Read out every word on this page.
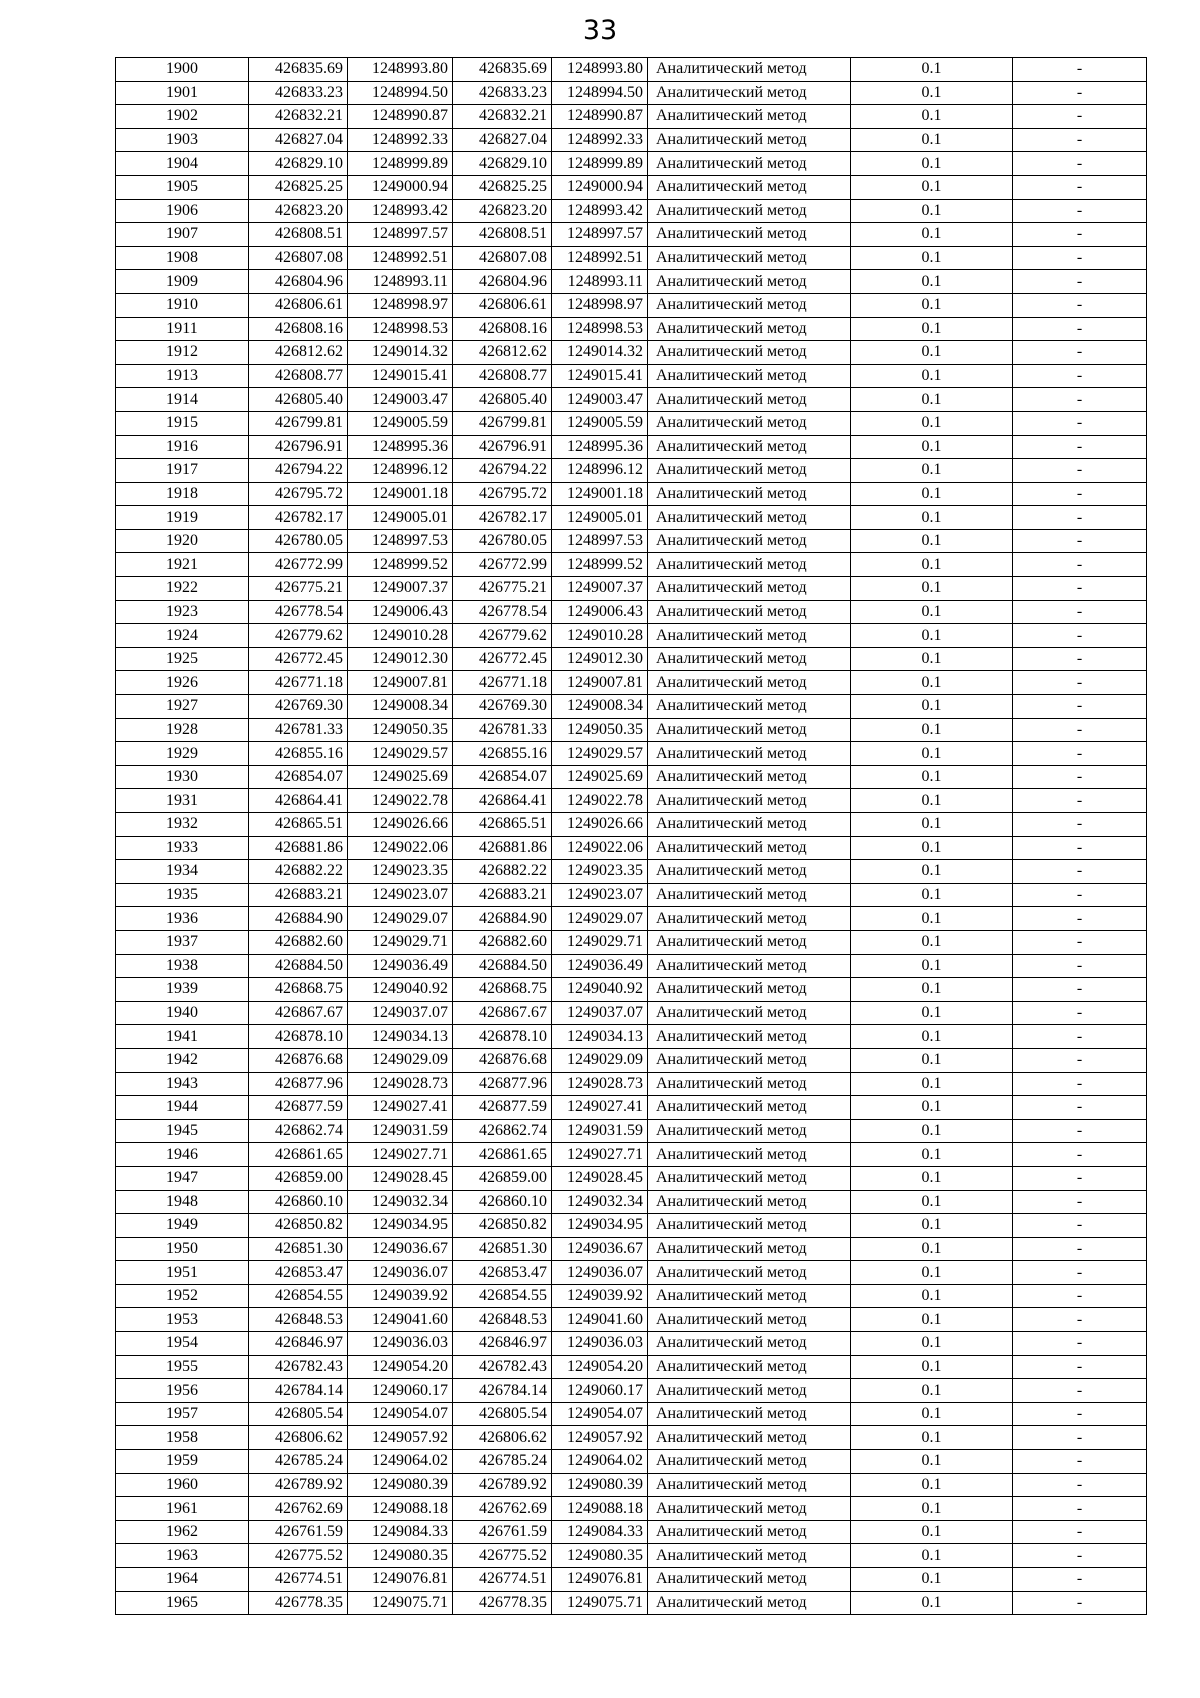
33
1900	426835.69	1248993.80	426835.69	1248993.80	Аналитический метод	0.1	-
1901	426833.23	1248994.50	426833.23	1248994.50	Аналитический метод	0.1	-
1902	426832.21	1248990.87	426832.21	1248990.87	Аналитический метод	0.1	-
1903	426827.04	1248992.33	426827.04	1248992.33	Аналитический метод	0.1	-
1904	426829.10	1248999.89	426829.10	1248999.89	Аналитический метод	0.1	-
1905	426825.25	1249000.94	426825.25	1249000.94	Аналитический метод	0.1	-
1906	426823.20	1248993.42	426823.20	1248993.42	Аналитический метод	0.1	-
1907	426808.51	1248997.57	426808.51	1248997.57	Аналитический метод	0.1	-
1908	426807.08	1248992.51	426807.08	1248992.51	Аналитический метод	0.1	-
1909	426804.96	1248993.11	426804.96	1248993.11	Аналитический метод	0.1	-
1910	426806.61	1248998.97	426806.61	1248998.97	Аналитический метод	0.1	-
1911	426808.16	1248998.53	426808.16	1248998.53	Аналитический метод	0.1	-
1912	426812.62	1249014.32	426812.62	1249014.32	Аналитический метод	0.1	-
1913	426808.77	1249015.41	426808.77	1249015.41	Аналитический метод	0.1	-
1914	426805.40	1249003.47	426805.40	1249003.47	Аналитический метод	0.1	-
1915	426799.81	1249005.59	426799.81	1249005.59	Аналитический метод	0.1	-
1916	426796.91	1248995.36	426796.91	1248995.36	Аналитический метод	0.1	-
1917	426794.22	1248996.12	426794.22	1248996.12	Аналитический метод	0.1	-
1918	426795.72	1249001.18	426795.72	1249001.18	Аналитический метод	0.1	-
1919	426782.17	1249005.01	426782.17	1249005.01	Аналитический метод	0.1	-
1920	426780.05	1248997.53	426780.05	1248997.53	Аналитический метод	0.1	-
1921	426772.99	1248999.52	426772.99	1248999.52	Аналитический метод	0.1	-
1922	426775.21	1249007.37	426775.21	1249007.37	Аналитический метод	0.1	-
1923	426778.54	1249006.43	426778.54	1249006.43	Аналитический метод	0.1	-
1924	426779.62	1249010.28	426779.62	1249010.28	Аналитический метод	0.1	-
1925	426772.45	1249012.30	426772.45	1249012.30	Аналитический метод	0.1	-
1926	426771.18	1249007.81	426771.18	1249007.81	Аналитический метод	0.1	-
1927	426769.30	1249008.34	426769.30	1249008.34	Аналитический метод	0.1	-
1928	426781.33	1249050.35	426781.33	1249050.35	Аналитический метод	0.1	-
1929	426855.16	1249029.57	426855.16	1249029.57	Аналитический метод	0.1	-
1930	426854.07	1249025.69	426854.07	1249025.69	Аналитический метод	0.1	-
1931	426864.41	1249022.78	426864.41	1249022.78	Аналитический метод	0.1	-
1932	426865.51	1249026.66	426865.51	1249026.66	Аналитический метод	0.1	-
1933	426881.86	1249022.06	426881.86	1249022.06	Аналитический метод	0.1	-
1934	426882.22	1249023.35	426882.22	1249023.35	Аналитический метод	0.1	-
1935	426883.21	1249023.07	426883.21	1249023.07	Аналитический метод	0.1	-
1936	426884.90	1249029.07	426884.90	1249029.07	Аналитический метод	0.1	-
1937	426882.60	1249029.71	426882.60	1249029.71	Аналитический метод	0.1	-
1938	426884.50	1249036.49	426884.50	1249036.49	Аналитический метод	0.1	-
1939	426868.75	1249040.92	426868.75	1249040.92	Аналитический метод	0.1	-
1940	426867.67	1249037.07	426867.67	1249037.07	Аналитический метод	0.1	-
1941	426878.10	1249034.13	426878.10	1249034.13	Аналитический метод	0.1	-
1942	426876.68	1249029.09	426876.68	1249029.09	Аналитический метод	0.1	-
1943	426877.96	1249028.73	426877.96	1249028.73	Аналитический метод	0.1	-
1944	426877.59	1249027.41	426877.59	1249027.41	Аналитический метод	0.1	-
1945	426862.74	1249031.59	426862.74	1249031.59	Аналитический метод	0.1	-
1946	426861.65	1249027.71	426861.65	1249027.71	Аналитический метод	0.1	-
1947	426859.00	1249028.45	426859.00	1249028.45	Аналитический метод	0.1	-
1948	426860.10	1249032.34	426860.10	1249032.34	Аналитический метод	0.1	-
1949	426850.82	1249034.95	426850.82	1249034.95	Аналитический метод	0.1	-
1950	426851.30	1249036.67	426851.30	1249036.67	Аналитический метод	0.1	-
1951	426853.47	1249036.07	426853.47	1249036.07	Аналитический метод	0.1	-
1952	426854.55	1249039.92	426854.55	1249039.92	Аналитический метод	0.1	-
1953	426848.53	1249041.60	426848.53	1249041.60	Аналитический метод	0.1	-
1954	426846.97	1249036.03	426846.97	1249036.03	Аналитический метод	0.1	-
1955	426782.43	1249054.20	426782.43	1249054.20	Аналитический метод	0.1	-
1956	426784.14	1249060.17	426784.14	1249060.17	Аналитический метод	0.1	-
1957	426805.54	1249054.07	426805.54	1249054.07	Аналитический метод	0.1	-
1958	426806.62	1249057.92	426806.62	1249057.92	Аналитический метод	0.1	-
1959	426785.24	1249064.02	426785.24	1249064.02	Аналитический метод	0.1	-
1960	426789.92	1249080.39	426789.92	1249080.39	Аналитический метод	0.1	-
1961	426762.69	1249088.18	426762.69	1249088.18	Аналитический метод	0.1	-
1962	426761.59	1249084.33	426761.59	1249084.33	Аналитический метод	0.1	-
1963	426775.52	1249080.35	426775.52	1249080.35	Аналитический метод	0.1	-
1964	426774.51	1249076.81	426774.51	1249076.81	Аналитический метод	0.1	-
1965	426778.35	1249075.71	426778.35	1249075.71	Аналитический метод	0.1	-
